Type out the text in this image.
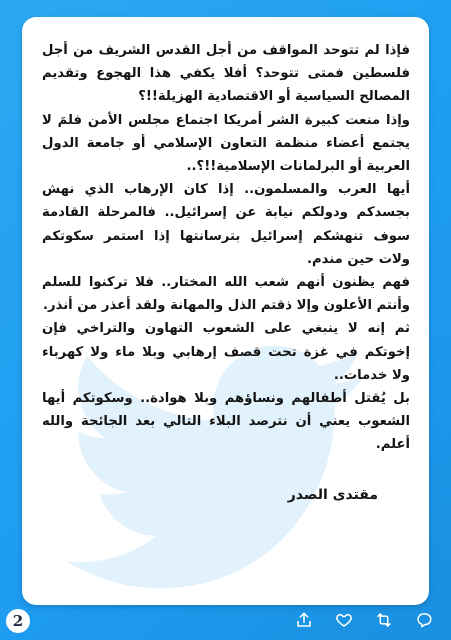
فإذا لم تتوحد المواقف من أجل القدس الشريف من أجل فلسطين فمتى تتوحد؟ أفلا يكفي هذا الهجوع وتقديم المصالح السياسية أو الاقتصادية الهزيلة!!؟

وإذا منعت كبيرة الشر أمريكا اجتماع مجلس الأمن فلمَ لا يجتمع أعضاء منظمة التعاون الإسلامي أو جامعة الدول العربية أو البرلمانات الإسلامية!!؟..

أيها العرب والمسلمون.. إذا كان الإرهاب الذي نهش بجسدكم ودولكم نيابة عن إسرائيل.. فالمرحلة القادمة سوف تنهشكم إسرائيل بترسانتها إذا استمر سكوتكم ولات حين مندم.

فهم يظنون أنهم شعب الله المختار.. فلا تركنوا للسلم وأنتم الأعلون وإلا ذقتم الذل والمهانة ولقد أعذر من أنذر.

ثم إنه لا ينبغي على الشعوب التهاون والتراخي فإن إخوتكم في غزة تحت قصف إرهابي وبلا ماء ولا كهرباء ولا خدمات..

بل يُقتل أطفالهم ونساؤهم وبلا هوادة.. وسكوتكم أيها الشعوب يعني أن نترصد البلاء التالي بعد الجائحة والله أعلم.

مقتدى الصدر
2
